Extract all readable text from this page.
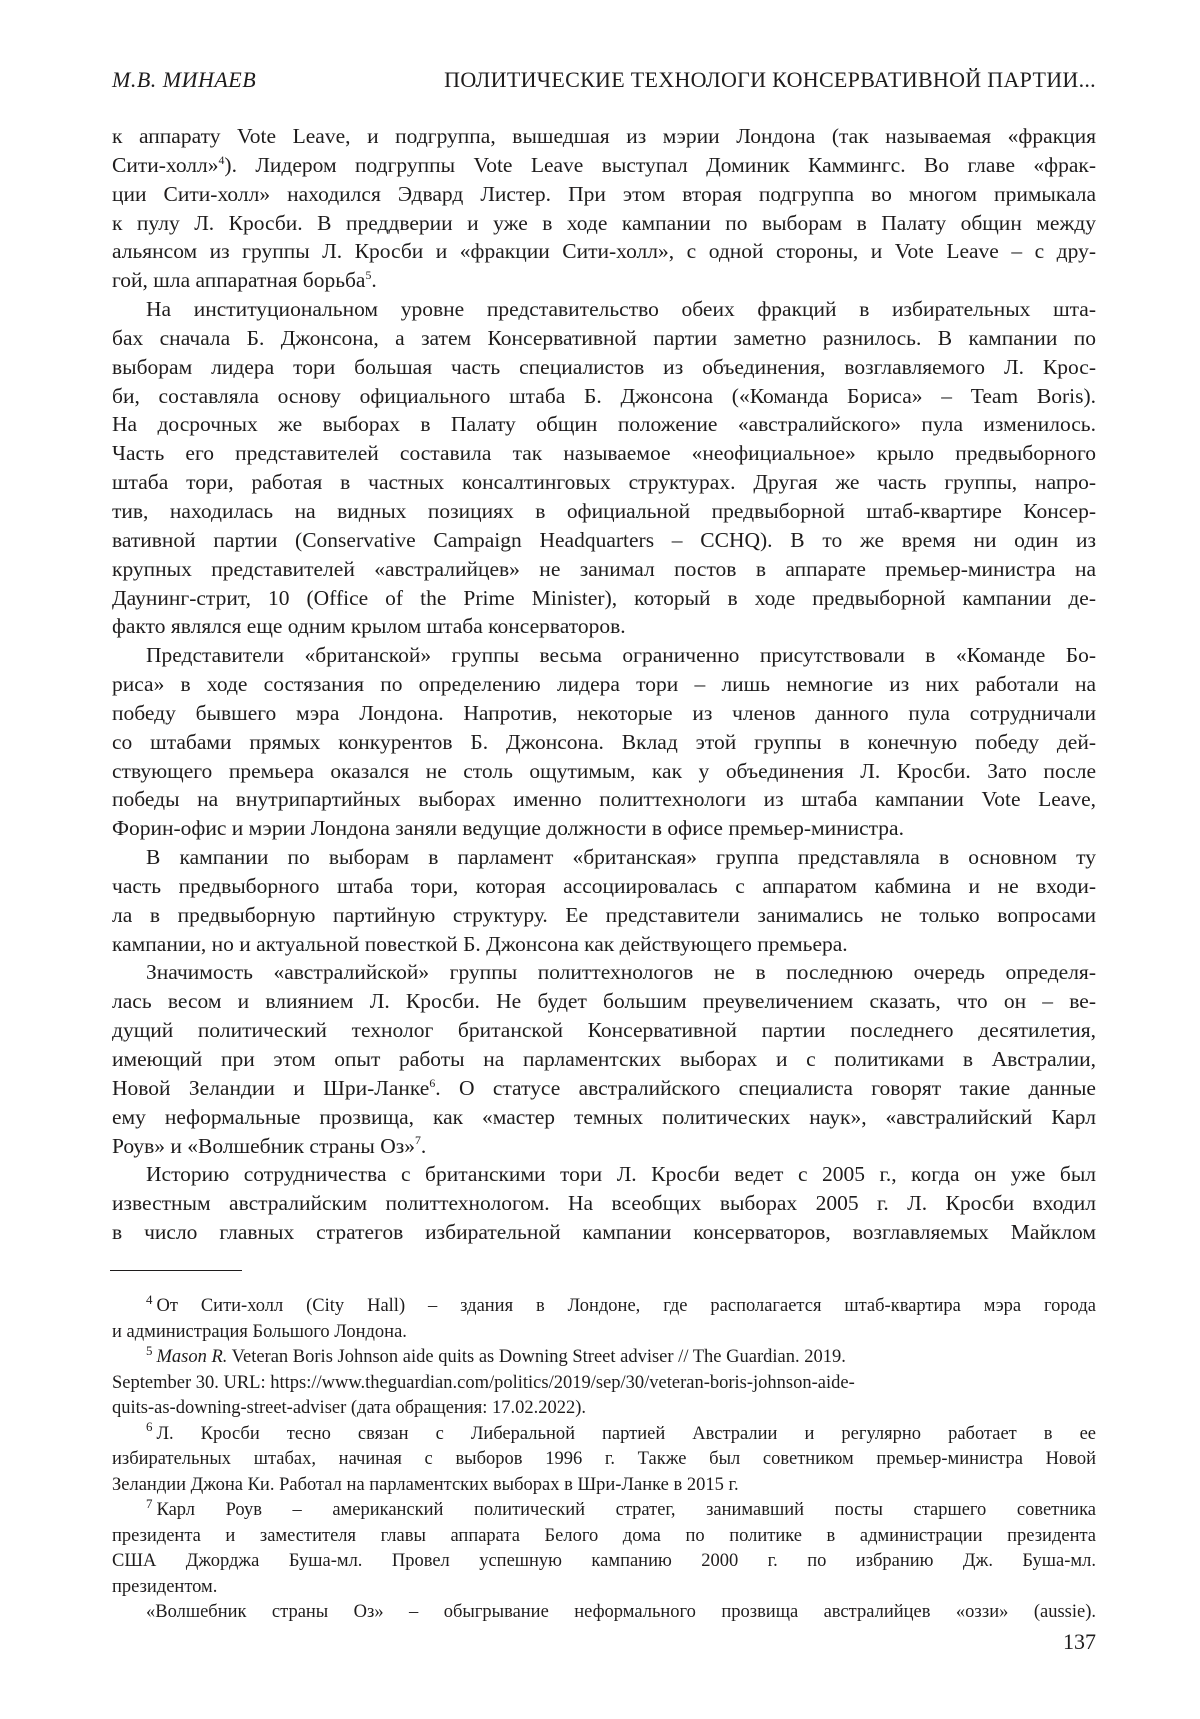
М.В. МИНАЕВ	ПОЛИТИЧЕСКИЕ ТЕХНОЛОГИ КОНСЕРВАТИВНОЙ ПАРТИИ...
к аппарату Vote Leave, и подгруппа, вышедшая из мэрии Лондона (так называемая «фракция
Сити-холл»4). Лидером подгруппы Vote Leave выступал Доминик Каммингс. Во главе «фрак-
ции Сити-холл» находился Эдвард Листер. При этом вторая подгруппа во многом примыкала
к пулу Л. Кросби. В преддверии и уже в ходе кампании по выборам в Палату общин между
альянсом из группы Л. Кросби и «фракции Сити-холл», с одной стороны, и Vote Leave – с дру-
гой, шла аппаратная борьба5.
На институциональном уровне представительство обеих фракций в избирательных шта-
бах сначала Б. Джонсона, а затем Консервативной партии заметно разнилось. В кампании по
выборам лидера тори большая часть специалистов из объединения, возглавляемого Л. Крос-
би, составляла основу официального штаба Б. Джонсона («Команда Бориса» – Team Boris).
На досрочных же выборах в Палату общин положение «австралийского» пула изменилось.
Часть его представителей составила так называемое «неофициальное» крыло предвыборного
штаба тори, работая в частных консалтинговых структурах. Другая же часть группы, напро-
тив, находилась на видных позициях в официальной предвыборной штаб-квартире Консер-
вативной партии (Conservative Campaign Headquarters – CCHQ). В то же время ни один из
крупных представителей «австралийцев» не занимал постов в аппарате премьер-министра на
Даунинг-стрит, 10 (Office of the Prime Minister), который в ходе предвыборной кампании де-
факто являлся еще одним крылом штаба консерваторов.
Представители «британской» группы весьма ограниченно присутствовали в «Команде Бо-
риса» в ходе состязания по определению лидера тори – лишь немногие из них работали на
победу бывшего мэра Лондона. Напротив, некоторые из членов данного пула сотрудничали
со штабами прямых конкурентов Б. Джонсона. Вклад этой группы в конечную победу дей-
ствующего премьера оказался не столь ощутимым, как у объединения Л. Кросби. Зато после
победы на внутрипартийных выборах именно политтехнологи из штаба кампании Vote Leave,
Форин-офис и мэрии Лондона заняли ведущие должности в офисе премьер-министра.
В кампании по выборам в парламент «британская» группа представляла в основном ту
часть предвыборного штаба тори, которая ассоциировалась с аппаратом кабмина и не входи-
ла в предвыборную партийную структуру. Ее представители занимались не только вопросами
кампании, но и актуальной повесткой Б. Джонсона как действующего премьера.
Значимость «австралийской» группы политтехнологов не в последнюю очередь определя-
лась весом и влиянием Л. Кросби. Не будет большим преувеличением сказать, что он – ве-
дущий политический технолог британской Консервативной партии последнего десятилетия,
имеющий при этом опыт работы на парламентских выборах и с политиками в Австралии,
Новой Зеландии и Шри-Ланке6. О статусе австралийского специалиста говорят такие данные
ему неформальные прозвища, как «мастер темных политических наук», «австралийский Карл
Роув» и «Волшебник страны Оз»7.
Историю сотрудничества с британскими тори Л. Кросби ведет с 2005 г., когда он уже был
известным австралийским политтехнологом. На всеобщих выборах 2005 г. Л. Кросби входил
в число главных стратегов избирательной кампании консерваторов, возглавляемых Майклом
4 От Сити-холл (City Hall) – здания в Лондоне, где располагается штаб-квартира мэра города
и администрация Большого Лондона.
5 Mason R. Veteran Boris Johnson aide quits as Downing Street adviser // The Guardian. 2019.
September 30. URL: https://www.theguardian.com/politics/2019/sep/30/veteran-boris-johnson-aide-
quits-as-downing-street-adviser (дата обращения: 17.02.2022).
6 Л. Кросби тесно связан с Либеральной партией Австралии и регулярно работает в ее
избирательных штабах, начиная с выборов 1996 г. Также был советником премьер-министра Новой
Зеландии Джона Ки. Работал на парламентских выборах в Шри-Ланке в 2015 г.
7 Карл Роув – американский политический стратег, занимавший посты старшего советника
президента и заместителя главы аппарата Белого дома по политике в администрации президента
США Джорджа Буша-мл. Провел успешную кампанию 2000 г. по избранию Дж. Буша-мл.
президентом.
«Волшебник страны Оз» – обыгрывание неформального прозвища австралийцев «оззи» (aussie).
137
